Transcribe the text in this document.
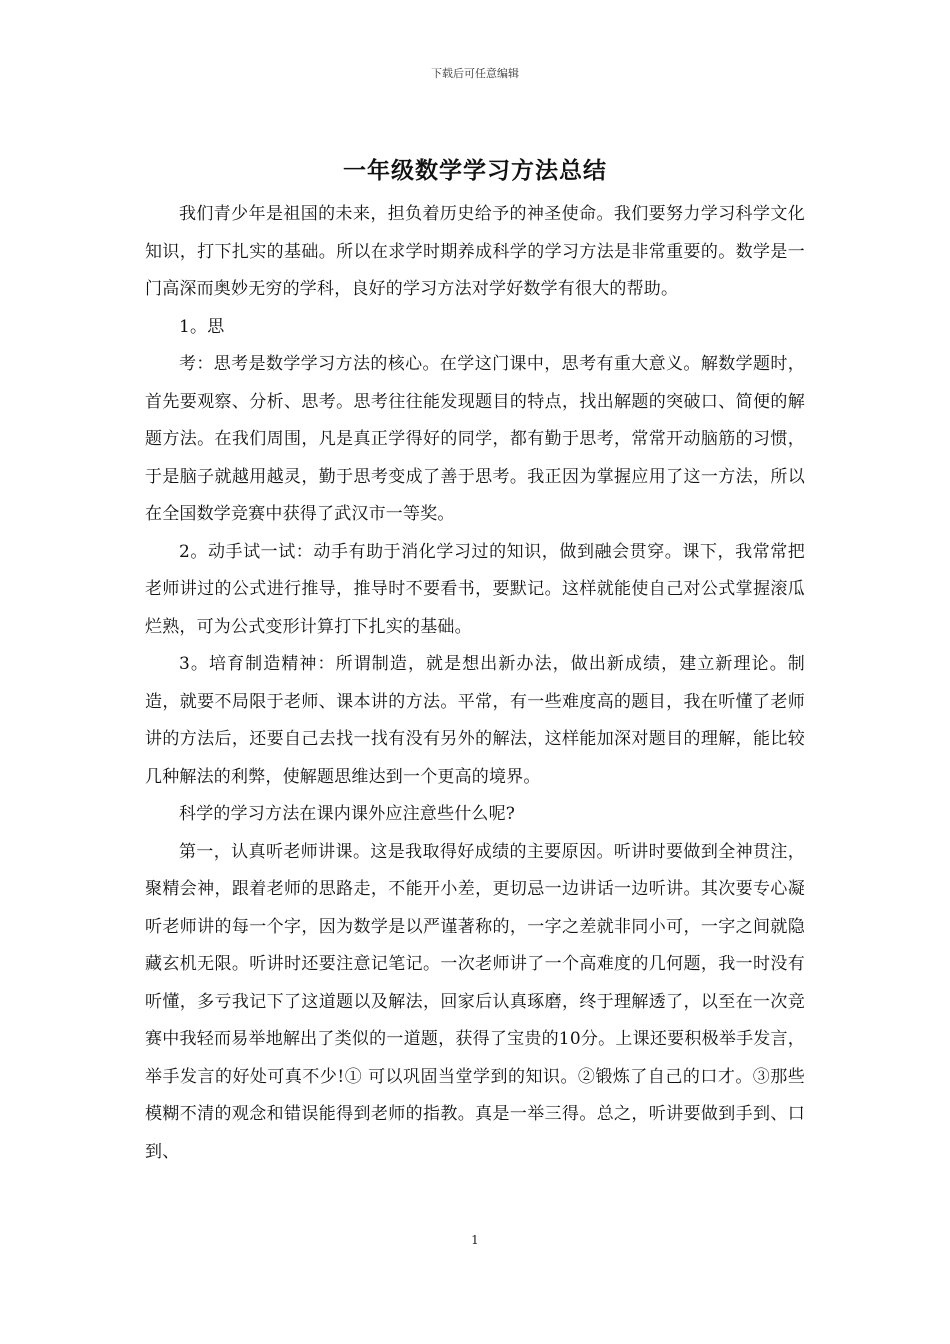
下载后可任意编辑
一年级数学学习方法总结

我们青少年是祖国的未来，担负着历史给予的神圣使命。我们要努力学习科学文化知识，打下扎实的基础。所以在求学时期养成科学的学习方法是非常重要的。数学是一门高深而奥妙无穷的学科，良好的学习方法对学好数学有很大的帮助。

1。思

考：思考是数学学习方法的核心。在学这门课中，思考有重大意义。解数学题时，首先要观察、分析、思考。思考往往能发现题目的特点，找出解题的突破口、简便的解题方法。在我们周围，凡是真正学得好的同学，都有勤于思考，常常开动脑筋的习惯，于是脑子就越用越灵，勤于思考变成了善于思考。我正因为掌握应用了这一方法，所以在全国数学竞赛中获得了武汉市一等奖。

2。动手试一试：动手有助于消化学习过的知识，做到融会贯穿。课下，我常常把老师讲过的公式进行推导，推导时不要看书，要默记。这样就能使自己对公式掌握滚瓜烂熟，可为公式变形计算打下扎实的基础。

3。培育制造精神：所谓制造，就是想出新办法，做出新成绩，建立新理论。制造，就要不局限于老师、课本讲的方法。平常，有一些难度高的题目，我在听懂了老师讲的方法后，还要自己去找一找有没有另外的解法，这样能加深对题目的理解，能比较几种解法的利弊，使解题思维达到一个更高的境界。

科学的学习方法在课内课外应注意些什么呢?

第一，认真听老师讲课。这是我取得好成绩的主要原因。听讲时要做到全神贯注，聚精会神，跟着老师的思路走，不能开小差，更切忌一边讲话一边听讲。其次要专心凝听老师讲的每一个字，因为数学是以严谨著称的，一字之差就非同小可，一字之间就隐藏玄机无限。听讲时还要注意记笔记。一次老师讲了一个高难度的几何题，我一时没有听懂，多亏我记下了这道题以及解法，回家后认真琢磨，终于理解透了，以至在一次竞赛中我轻而易举地解出了类似的一道题，获得了宝贵的10分。上课还要积极举手发言，举手发言的好处可真不少!① 可以巩固当堂学到的知识。②锻炼了自己的口才。③那些模糊不清的观念和错误能得到老师的指教。真是一举三得。总之，听讲要做到手到、口到、

1
